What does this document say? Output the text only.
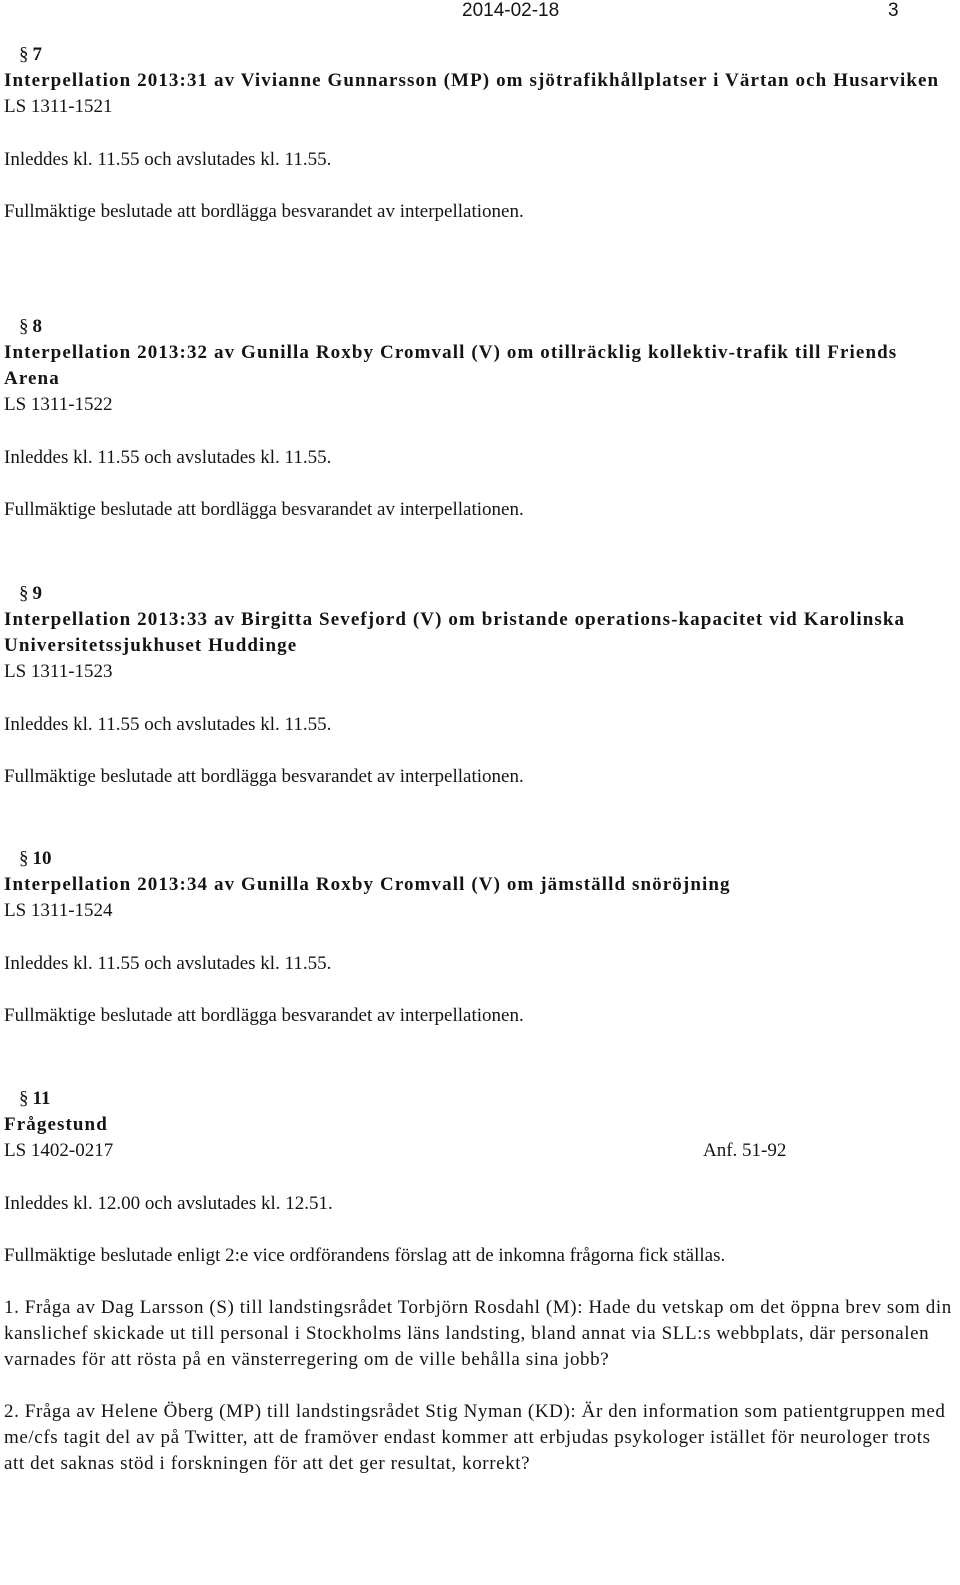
2014-02-18	3
§ 7
Interpellation 2013:31 av Vivianne Gunnarsson (MP) om sjötrafikhållplatser i Värtan och Husarviken
LS 1311-1521
Inleddes kl. 11.55 och avslutades kl. 11.55.
Fullmäktige beslutade att bordlägga besvarandet av interpellationen.
§ 8
Interpellation 2013:32 av Gunilla Roxby Cromvall (V) om otillräcklig kollektiv-trafik till Friends Arena
LS 1311-1522
Inleddes kl. 11.55 och avslutades kl. 11.55.
Fullmäktige beslutade att bordlägga besvarandet av interpellationen.
§ 9
Interpellation 2013:33 av Birgitta Sevefjord (V) om bristande operations-kapacitet vid Karolinska Universitetssjukhuset Huddinge
LS 1311-1523
Inleddes kl. 11.55 och avslutades kl. 11.55.
Fullmäktige beslutade att bordlägga besvarandet av interpellationen.
§ 10
Interpellation 2013:34 av Gunilla Roxby Cromvall (V) om jämställd snöröjning
LS 1311-1524
Inleddes kl. 11.55 och avslutades kl. 11.55.
Fullmäktige beslutade att bordlägga besvarandet av interpellationen.
§ 11
Frågestund
LS 1402-0217	Anf. 51-92
Inleddes kl. 12.00 och avslutades kl. 12.51.
Fullmäktige beslutade enligt 2:e vice ordförandens förslag att de inkomna frågorna fick ställas.
1. Fråga av Dag Larsson (S) till landstingsrådet Torbjörn Rosdahl (M): Hade du vetskap om det öppna brev som din kanslichef skickade ut till personal i Stockholms läns landsting, bland annat via SLL:s webbplats, där personalen varnades för att rösta på en vänsterregering om de ville behålla sina jobb?
2. Fråga av Helene Öberg (MP) till landstingsrådet Stig Nyman (KD): Är den information som patientgruppen med me/cfs tagit del av på Twitter, att de framöver endast kommer att erbjudas psykologer istället för neurologer trots att det saknas stöd i forskningen för att det ger resultat, korrekt?
